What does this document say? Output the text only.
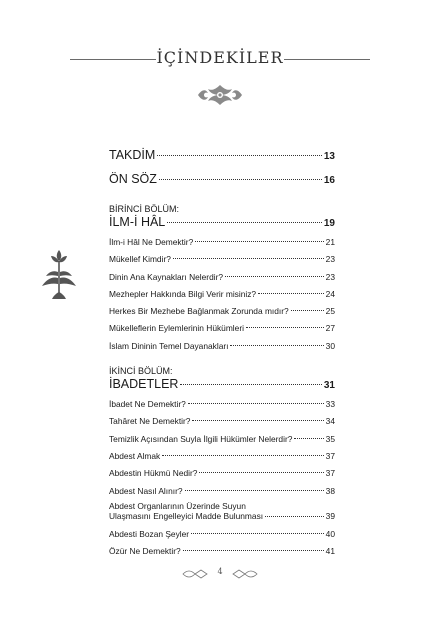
İÇİNDEKİLER
TAKDİM	13
ÖN SÖZ	16
BİRİNCİ BÖLÜM:
İLM-İ HÂL	19
İlm-i Hâl Ne Demektir?	21
Mükellef Kimdir?	23
Dinin Ana Kaynakları Nelerdir?	23
Mezhepler Hakkında Bilgi Verir misiniz?	24
Herkes Bir Mezhebe Bağlanmak Zorunda mıdır?	25
Mükelleflerin Eylemlerinin Hükümleri	27
İslam Dininin Temel Dayanakları	30
İKİNCİ BÖLÜM:
İBADETLER	31
İbadet Ne Demektir?	33
Tahâret Ne Demektir?	34
Temizlik Açısından Suyla İlgili Hükümler Nelerdir?	35
Abdest Almak	37
Abdestin Hükmü Nedir?	37
Abdest Nasıl Alınır?	38
Abdest Organlarının Üzerinde Suyun
Ulaşmasını Engelleyici Madde Bulunması	39
Abdesti Bozan Şeyler	40
Özür Ne Demektir?	41
4
